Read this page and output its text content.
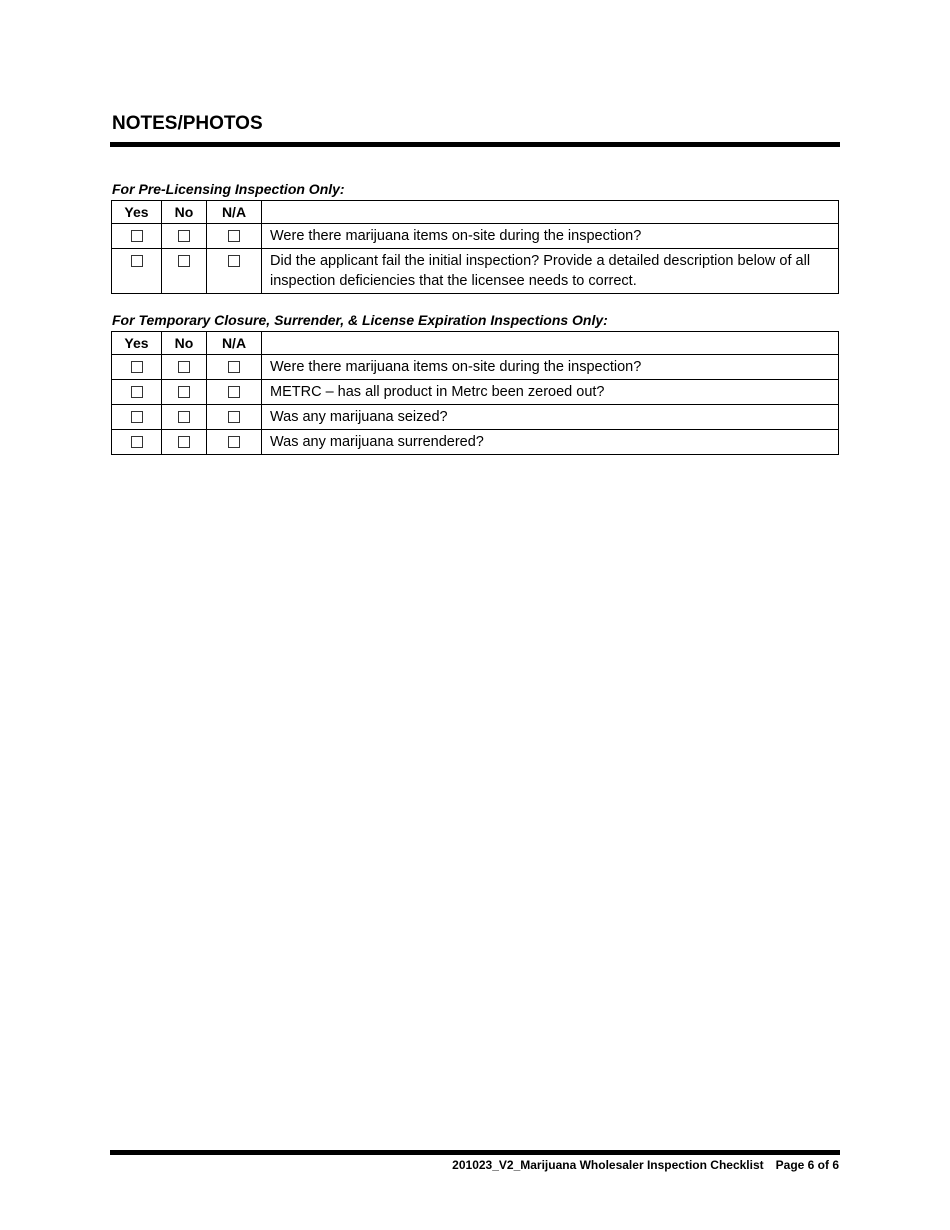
NOTES/PHOTOS

For Pre-Licensing Inspection Only:

Yes	No	N/A	
			Were there marijuana items on-site during the inspection?
			Did the applicant fail the initial inspection? Provide a detailed description below of all inspection deficiencies that the licensee needs to correct.

For Temporary Closure, Surrender, & License Expiration Inspections Only:

Yes	No	N/A	
			Were there marijuana items on-site during the inspection?
			METRC – has all product in Metrc been zeroed out?
			Was any marijuana seized?
			Was any marijuana surrendered?
201023_V2_Marijuana Wholesaler Inspection Checklist Page 6 of 6
